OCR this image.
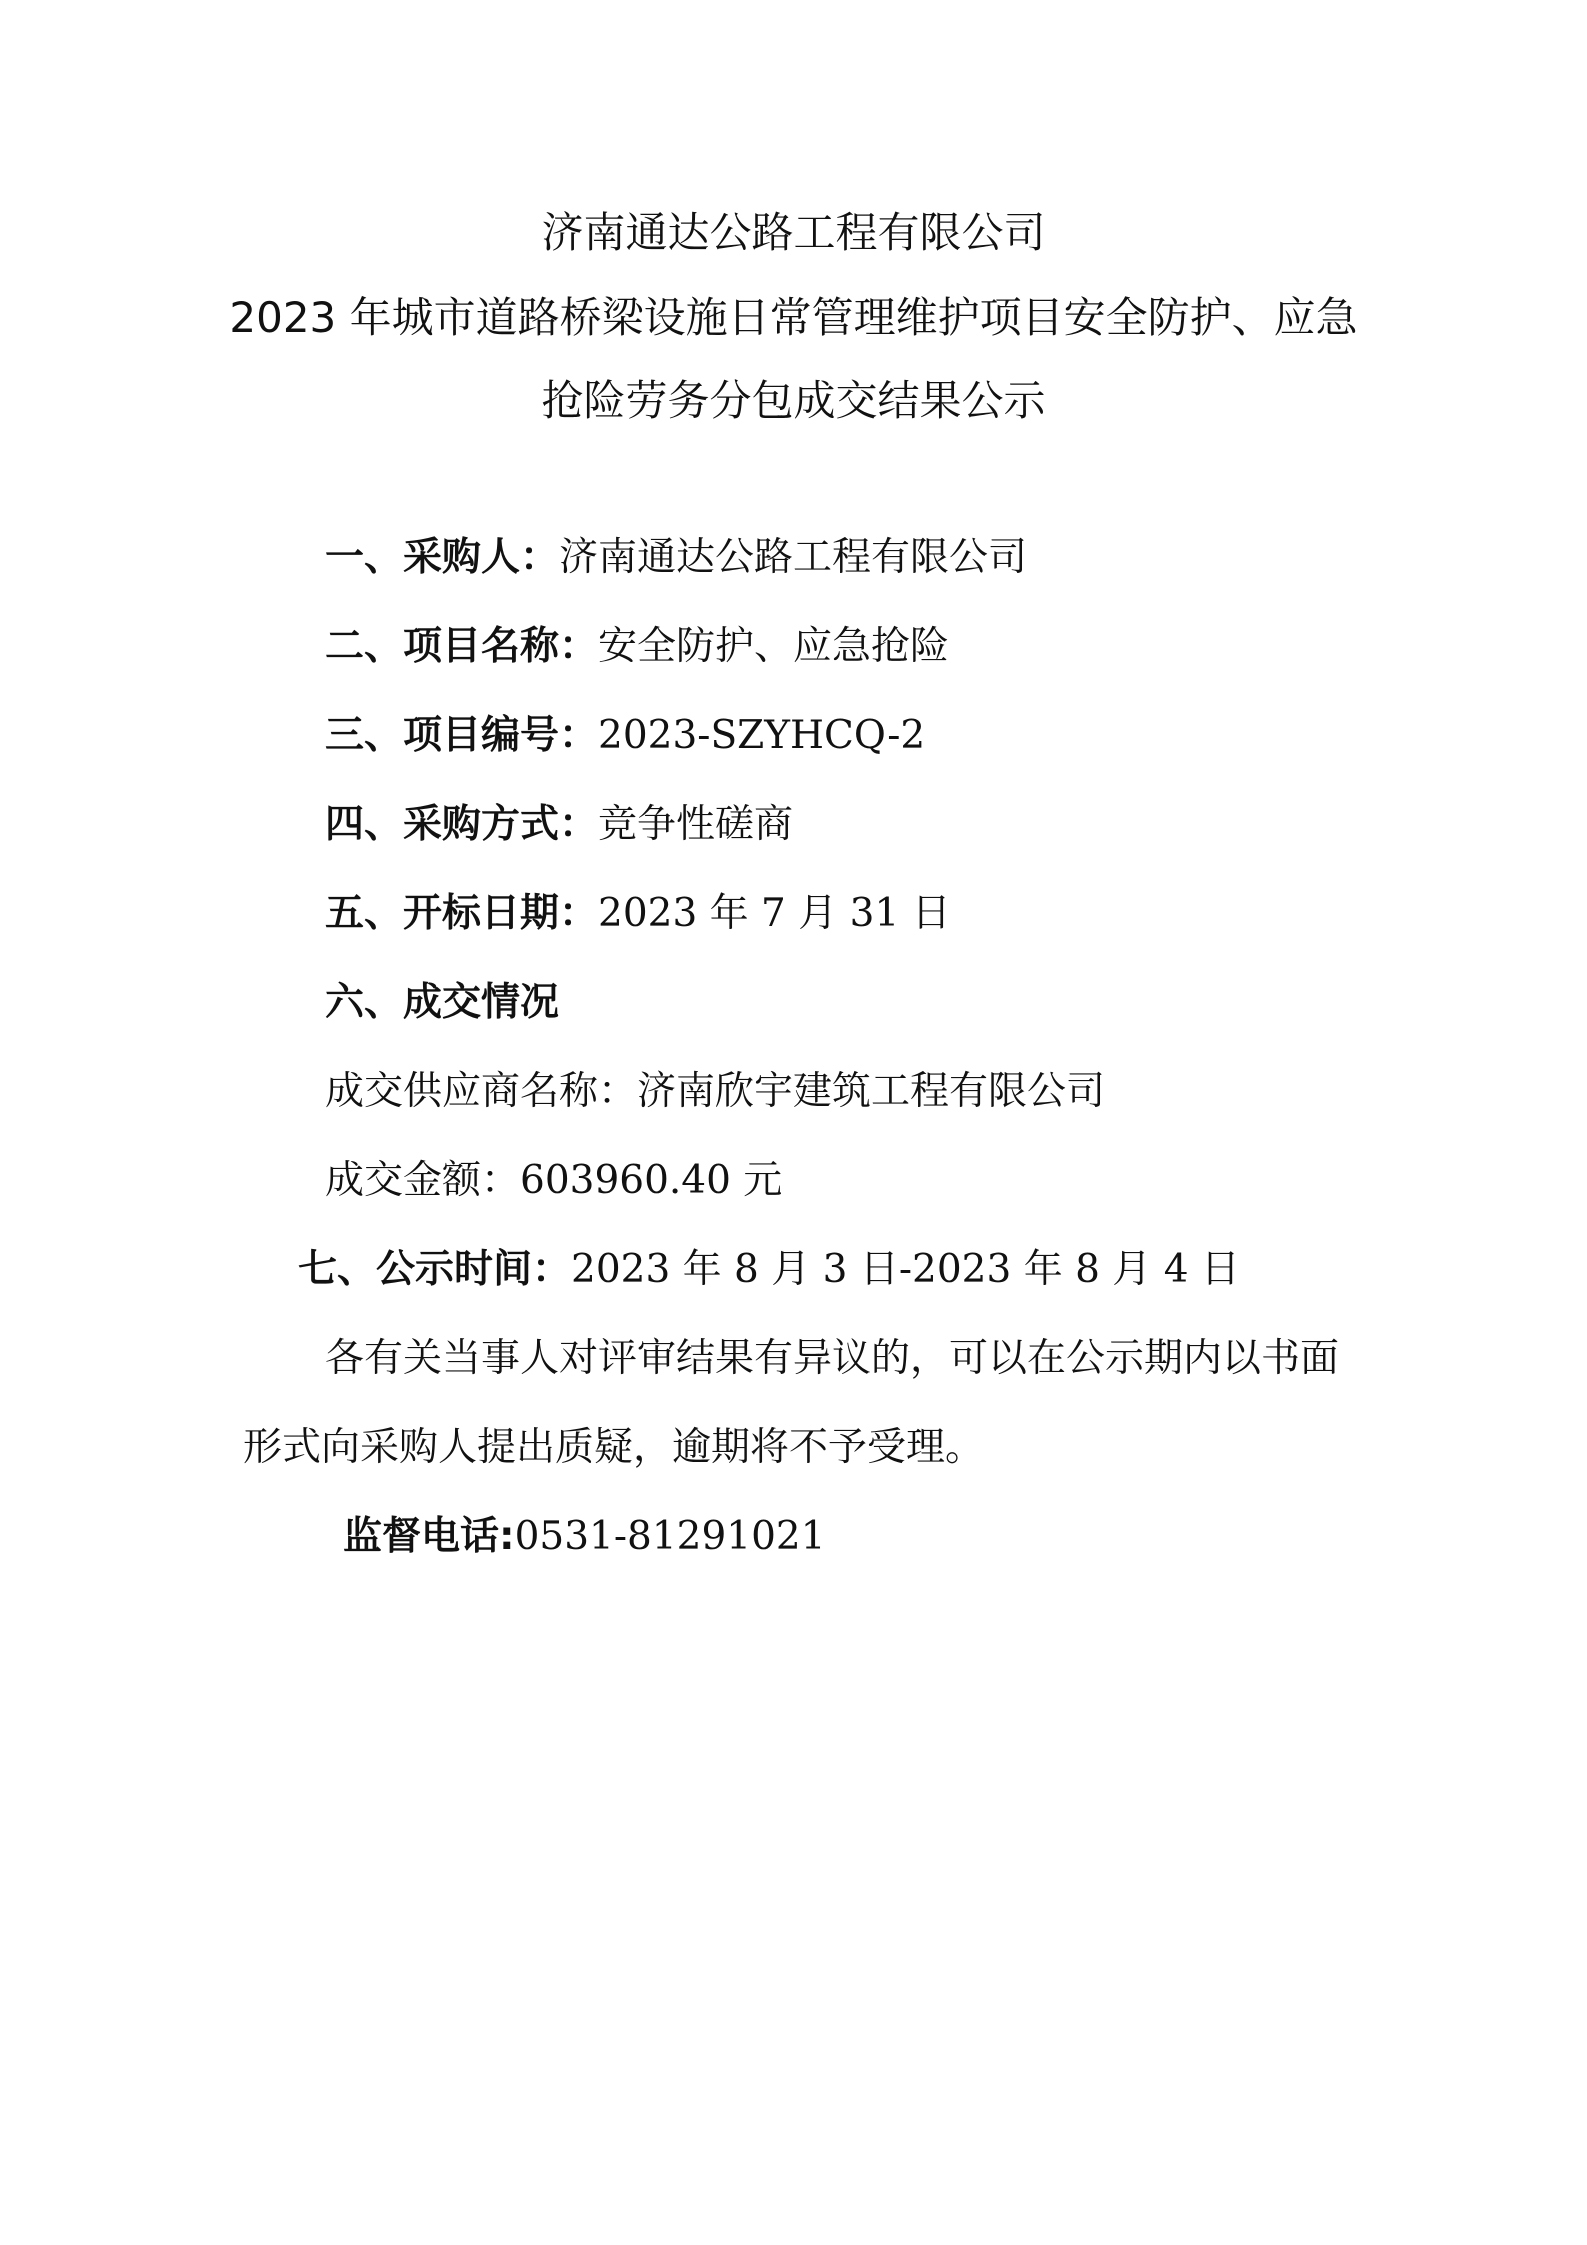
济南通达公路工程有限公司
2023 年城市道路桥梁设施日常管理维护项目安全防护、应急
抢险劳务分包成交结果公示
一、采购人：济南通达公路工程有限公司
二、项目名称：安全防护、应急抢险
三、项目编号：2023-SZYHCQ-2
四、采购方式：竞争性磋商
五、开标日期：2023 年 7 月 31 日
六、成交情况
成交供应商名称：济南欣宇建筑工程有限公司
成交金额：603960.40 元
七、公示时间：2023 年 8 月 3 日-2023 年 8 月 4 日
各有关当事人对评审结果有异议的，可以在公示期内以书面
形式向采购人提出质疑，逾期将不予受理。
监督电话:0531-81291021
